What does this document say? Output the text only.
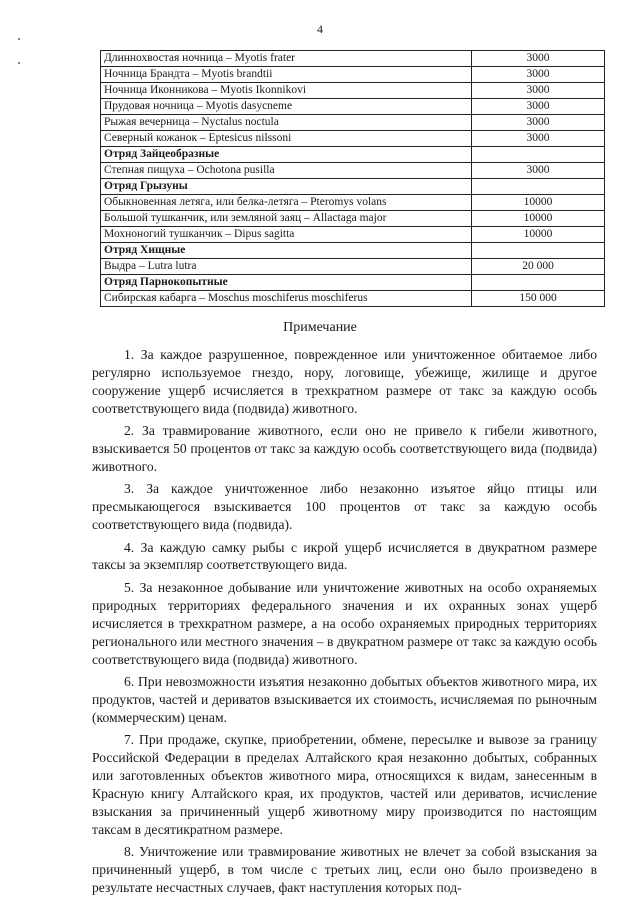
4
Длиннохвостая ночница – Myotis frater	3000
Ночница Брандта – Myotis brandtii	3000
Ночница Иконникова – Myotis Ikonnikovi	3000
Прудовая ночница – Myotis dasycneme	3000
Рыжая вечерница – Nyctalus noctula	3000
Северный кожанок – Eptesicus nilssoni	3000
Отряд Зайцеобразные	
Степная пищуха – Ochotona pusilla	3000
Отряд Грызуны	
Обыкновенная летяга, или белка-летяга – Pteromys volans	10000
Большой тушканчик, или земляной заяц – Allactaga major	10000
Мохноногий тушканчик – Dipus sagitta	10000
Отряд Хищные	
Выдра – Lutra lutra	20 000
Отряд Парнокопытные	
Сибирская кабарга – Moschus moschiferus moschiferus	150 000
Примечание

1. За каждое разрушенное, поврежденное или уничтоженное обитаемое либо регулярно используемое гнездо, нору, логовище, убежище, жилище и другое сооружение ущерб исчисляется в трехкратном размере от такс за каждую особь соответствующего вида (подвида) животного.

2. За травмирование животного, если оно не привело к гибели животного, взыскивается 50 процентов от такс за каждую особь соответствующего вида (подвида) животного.

3. За каждое уничтоженное либо незаконно изъятое яйцо птицы или пресмыкающегося взыскивается 100 процентов от такс за каждую особь соответствующего вида (подвида).

4. За каждую самку рыбы с икрой ущерб исчисляется в двукратном размере таксы за экземпляр соответствующего вида.

5. За незаконное добывание или уничтожение животных на особо охраняемых природных территориях федерального значения и их охранных зонах ущерб исчисляется в трехкратном размере, а на особо охраняемых природных территориях регионального или местного значения – в двукратном размере от такс за каждую особь соответствующего вида (подвида) животного.

6. При невозможности изъятия незаконно добытых объектов животного мира, их продуктов, частей и дериватов взыскивается их стоимость, исчисляемая по рыночным (коммерческим) ценам.

7. При продаже, скупке, приобретении, обмене, пересылке и вывозе за границу Российской Федерации в пределах Алтайского края незаконно добытых, собранных или заготовленных объектов животного мира, относящихся к видам, занесенным в Красную книгу Алтайского края, их продуктов, частей или дериватов, исчисление взыскания за причиненный ущерб животному миру производится по настоящим таксам в десятикратном размере.

8. Уничтожение или травмирование животных не влечет за собой взыскания за причиненный ущерб, в том числе с третьих лиц, если оно было произведено в результате несчастных случаев, факт наступления которых под-
